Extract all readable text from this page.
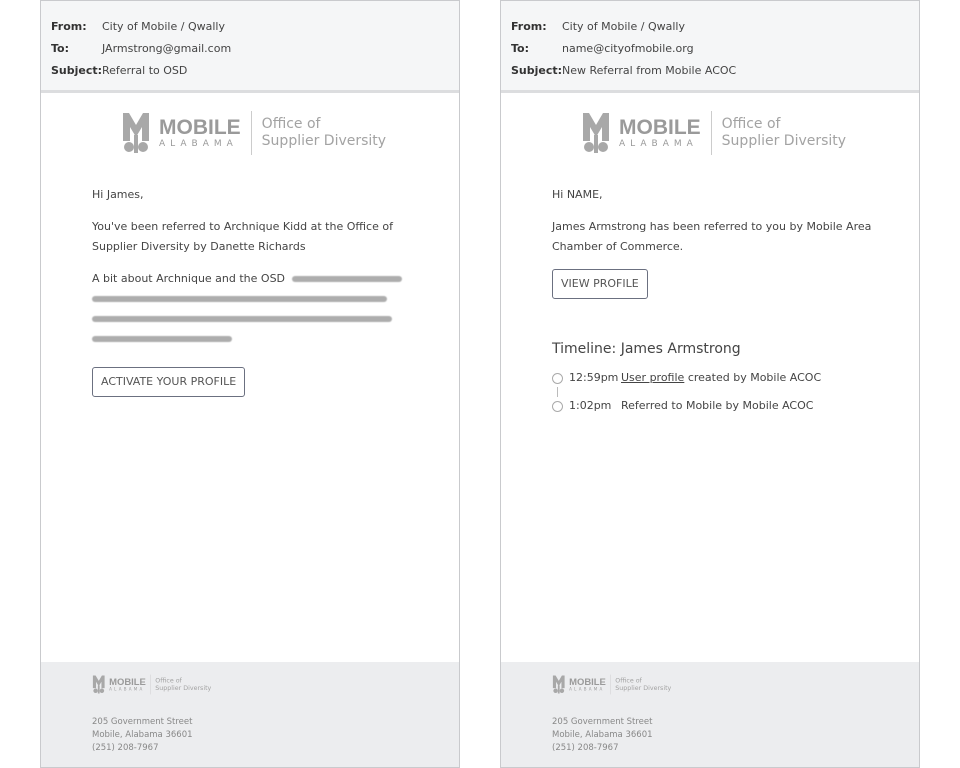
From:	City of Mobile / Qwally
To:	JArmstrong@gmail.com
Subject: Referral to OSD
MOBILE
ALABAMA
Office of
Supplier Diversity

Hi James,

You've been referred to Archnique Kidd at the Office of Supplier Diversity by Danette Richards

A bit about Archnique and the OSD

ACTIVATE YOUR PROFILE
MOBILE
ALABAMA
Office of
Supplier Diversity
205 Government Street
Mobile, Alabama 36601
(251) 208-7967
From:	City of Mobile / Qwally
To:	name@cityofmobile.org
Subject: New Referral from Mobile ACOC
MOBILE
ALABAMA
Office of
Supplier Diversity

Hi NAME,

James Armstrong has been referred to you by Mobile Area Chamber of Commerce.

VIEW PROFILE
Timeline: James Armstrong
12:59pm User profile created by Mobile ACOC
1:02pm Referred to Mobile by Mobile ACOC
MOBILE
ALABAMA
Office of
Supplier Diversity
205 Government Street
Mobile, Alabama 36601
(251) 208-7967
